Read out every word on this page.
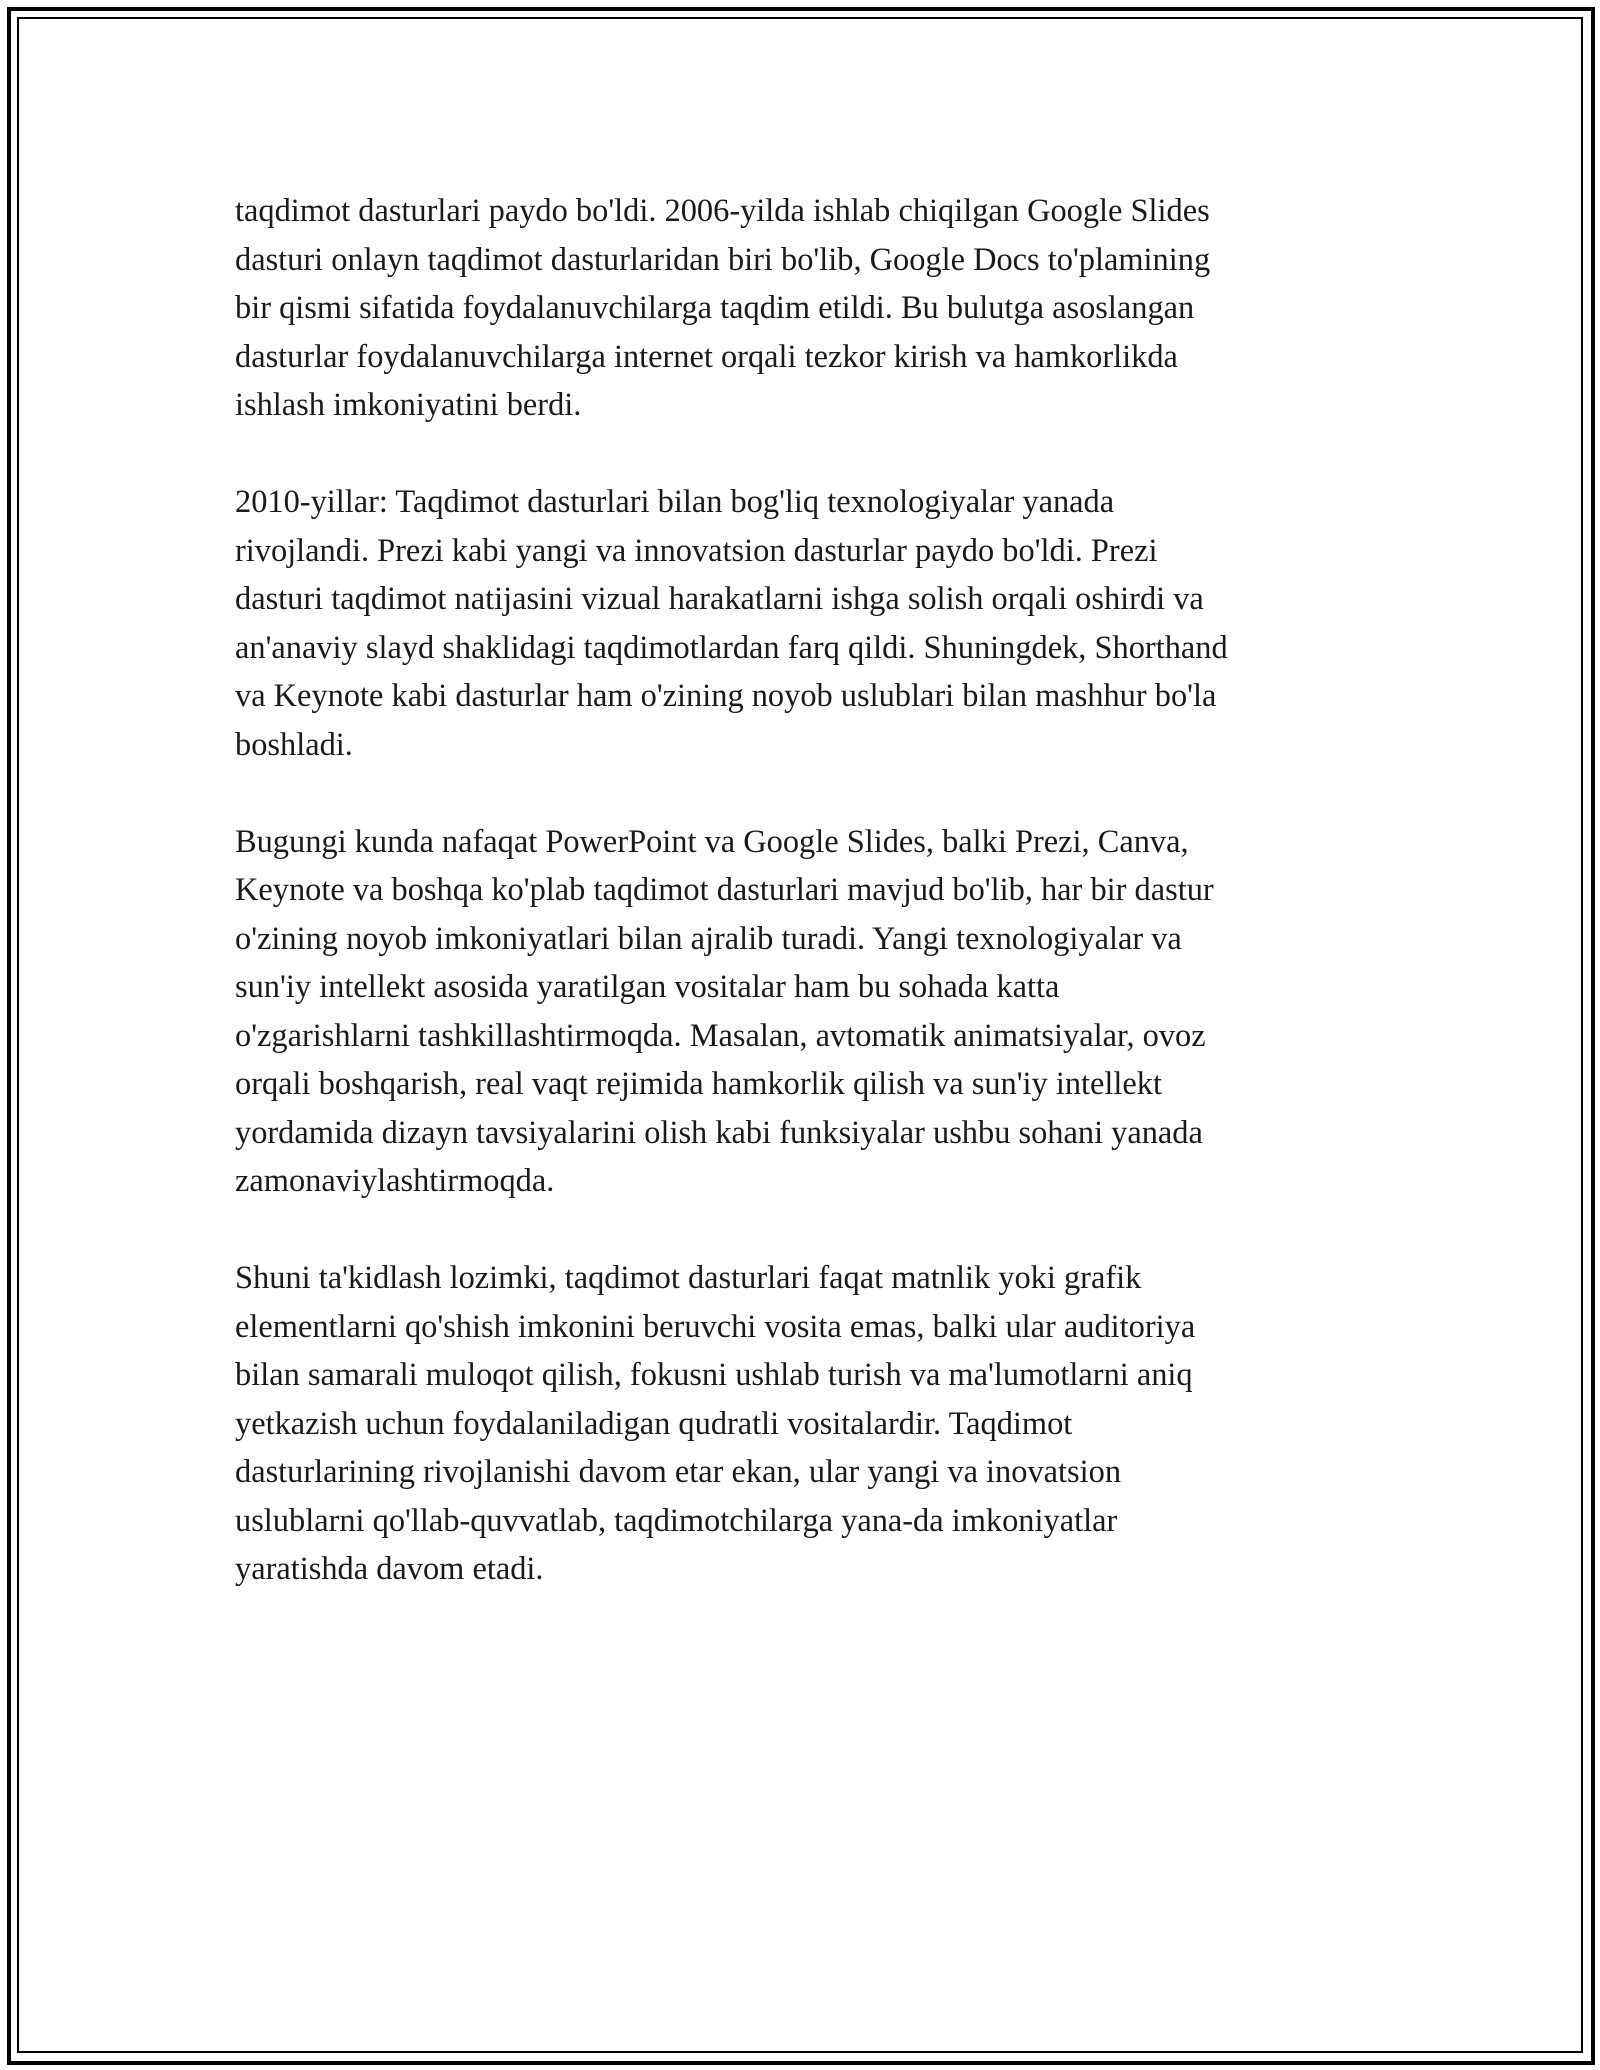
taqdimot dasturlari paydo bo'ldi. 2006-yilda ishlab chiqilgan Google Slides
dasturi onlayn taqdimot dasturlaridan biri bo'lib, Google Docs to'plamining
bir qismi sifatida foydalanuvchilarga taqdim etildi. Bu bulutga asoslangan
dasturlar foydalanuvchilarga internet orqali tezkor kirish va hamkorlikda
ishlash imkoniyatini berdi.

2010-yillar: Taqdimot dasturlari bilan bog'liq texnologiyalar yanada
rivojlandi. Prezi kabi yangi va innovatsion dasturlar paydo bo'ldi. Prezi
dasturi taqdimot natijasini vizual harakatlarni ishga solish orqali oshirdi va
an'anaviy slayd shaklidagi taqdimotlardan farq qildi. Shuningdek, Shorthand
va Keynote kabi dasturlar ham o'zining noyob uslublari bilan mashhur bo'la
boshladi.

Bugungi kunda nafaqat PowerPoint va Google Slides, balki Prezi, Canva,
Keynote va boshqa ko'plab taqdimot dasturlari mavjud bo'lib, har bir dastur
o'zining noyob imkoniyatlari bilan ajralib turadi. Yangi texnologiyalar va
sun'iy intellekt asosida yaratilgan vositalar ham bu sohada katta
o'zgarishlarni tashkillashtirmoqda. Masalan, avtomatik animatsiyalar, ovoz
orqali boshqarish, real vaqt rejimida hamkorlik qilish va sun'iy intellekt
yordamida dizayn tavsiyalarini olish kabi funksiyalar ushbu sohani yanada
zamonaviylashtirmoqda.

Shuni ta'kidlash lozimki, taqdimot dasturlari faqat matnlik yoki grafik
elementlarni qo'shish imkonini beruvchi vosita emas, balki ular auditoriya
bilan samarali muloqot qilish, fokusni ushlab turish va ma'lumotlarni aniq
yetkazish uchun foydalaniladigan qudratli vositalardir. Taqdimot
dasturlarining rivojlanishi davom etar ekan, ular yangi va inovatsion
uslublarni qo'llab-quvvatlab, taqdimotchilarga yana-da imkoniyatlar
yaratishda davom etadi.
